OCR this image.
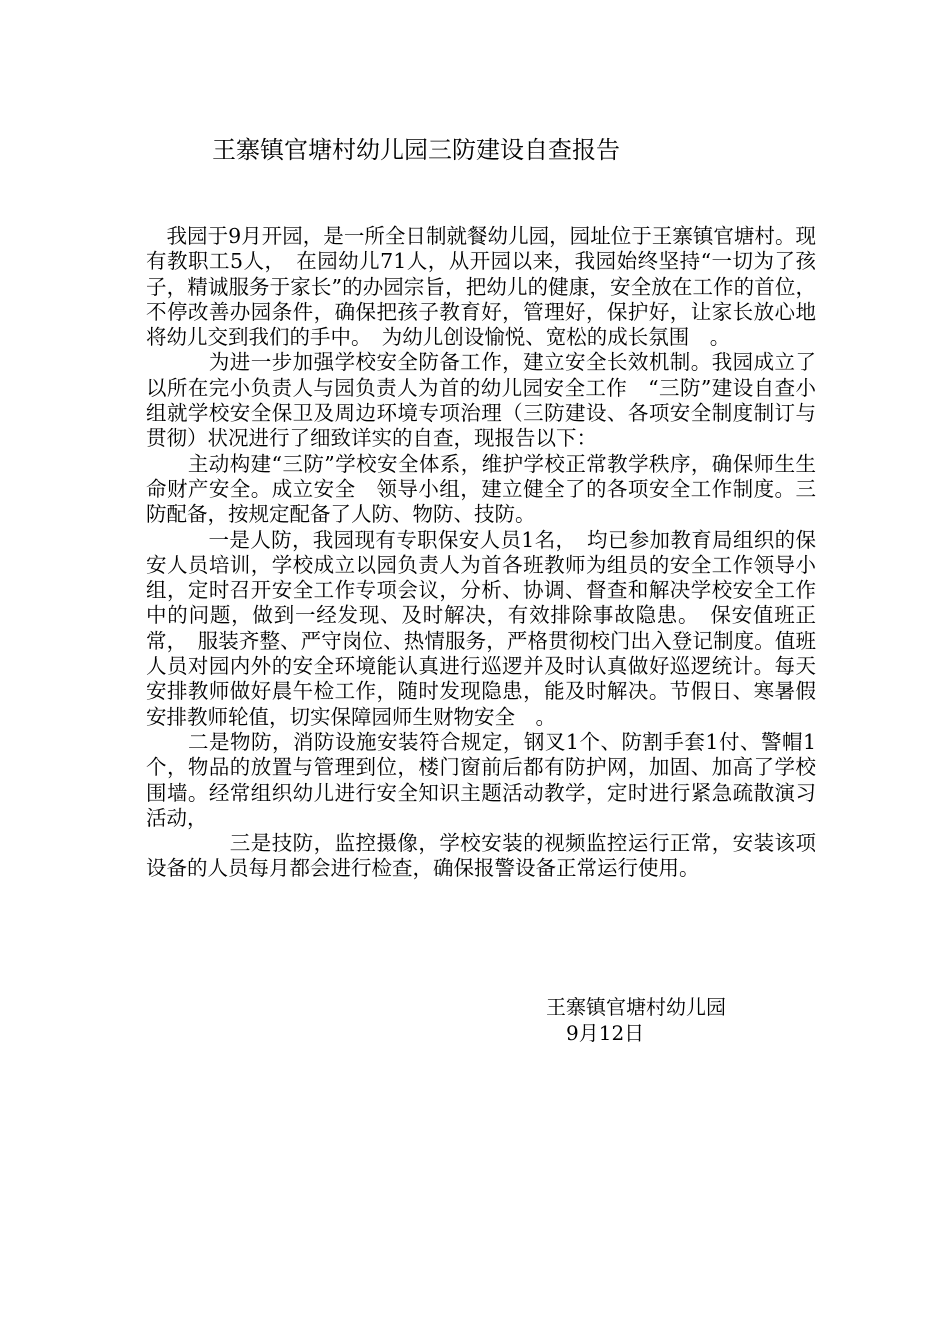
王寨镇官塘村幼儿园三防建设自查报告

　我园于9月开园，是一所全日制就餐幼儿园，园址位于王寨镇官塘村。现有教职工5人，　在园幼儿71人，从开园以来，我园始终坚持“一切为了孩子，精诚服务于家长”的办园宗旨，把幼儿的健康，安全放在工作的首位，不停改善办园条件，确保把孩子教育好，管理好，保护好，让家长放心地将幼儿交到我们的手中。　为幼儿创设愉悦、宽松的成长氛围　。

　　　为进一步加强学校安全防备工作，建立安全长效机制。我园成立了以所在完小负责人与园负责人为首的幼儿园安全工作　“三防”建设自查小组就学校安全保卫及周边环境专项治理（三防建设、各项安全制度制订与贯彻）状况进行了细致详实的自查，现报告以下：

　　主动构建“三防”学校安全体系，维护学校正常教学秩序，确保师生生命财产安全。成立安全　领导小组，建立健全了的各项安全工作制度。三防配备，按规定配备了人防、物防、技防。

　　　一是人防，我园现有专职保安人员1名，　均已参加教育局组织的保安人员培训，学校成立以园负责人为首各班教师为组员的安全工作领导小组，定时召开安全工作专项会议，分析、协调、督查和解决学校安全工作中的问题，做到一经发现、及时解决，有效排除事故隐患。　保安值班正常，　服装齐整、严守岗位、热情服务，严格贯彻校门出入登记制度。值班人员对园内外的安全环境能认真进行巡逻并及时认真做好巡逻统计。每天安排教师做好晨午检工作，随时发现隐患，能及时解决。节假日、寒暑假安排教师轮值，切实保障园师生财物安全　。

　　二是物防，消防设施安装符合规定，钢叉1个、防割手套1付、警帽1个，物品的放置与管理到位，楼门窗前后都有防护网，加固、加高了学校围墙。经常组织幼儿进行安全知识主题活动教学，定时进行紧急疏散演习活动，

　　　　三是技防，监控摄像，学校安装的视频监控运行正常，安装该项设备的人员每月都会进行检查，确保报警设备正常运行使用。

王寨镇官塘村幼儿园
9月12日
